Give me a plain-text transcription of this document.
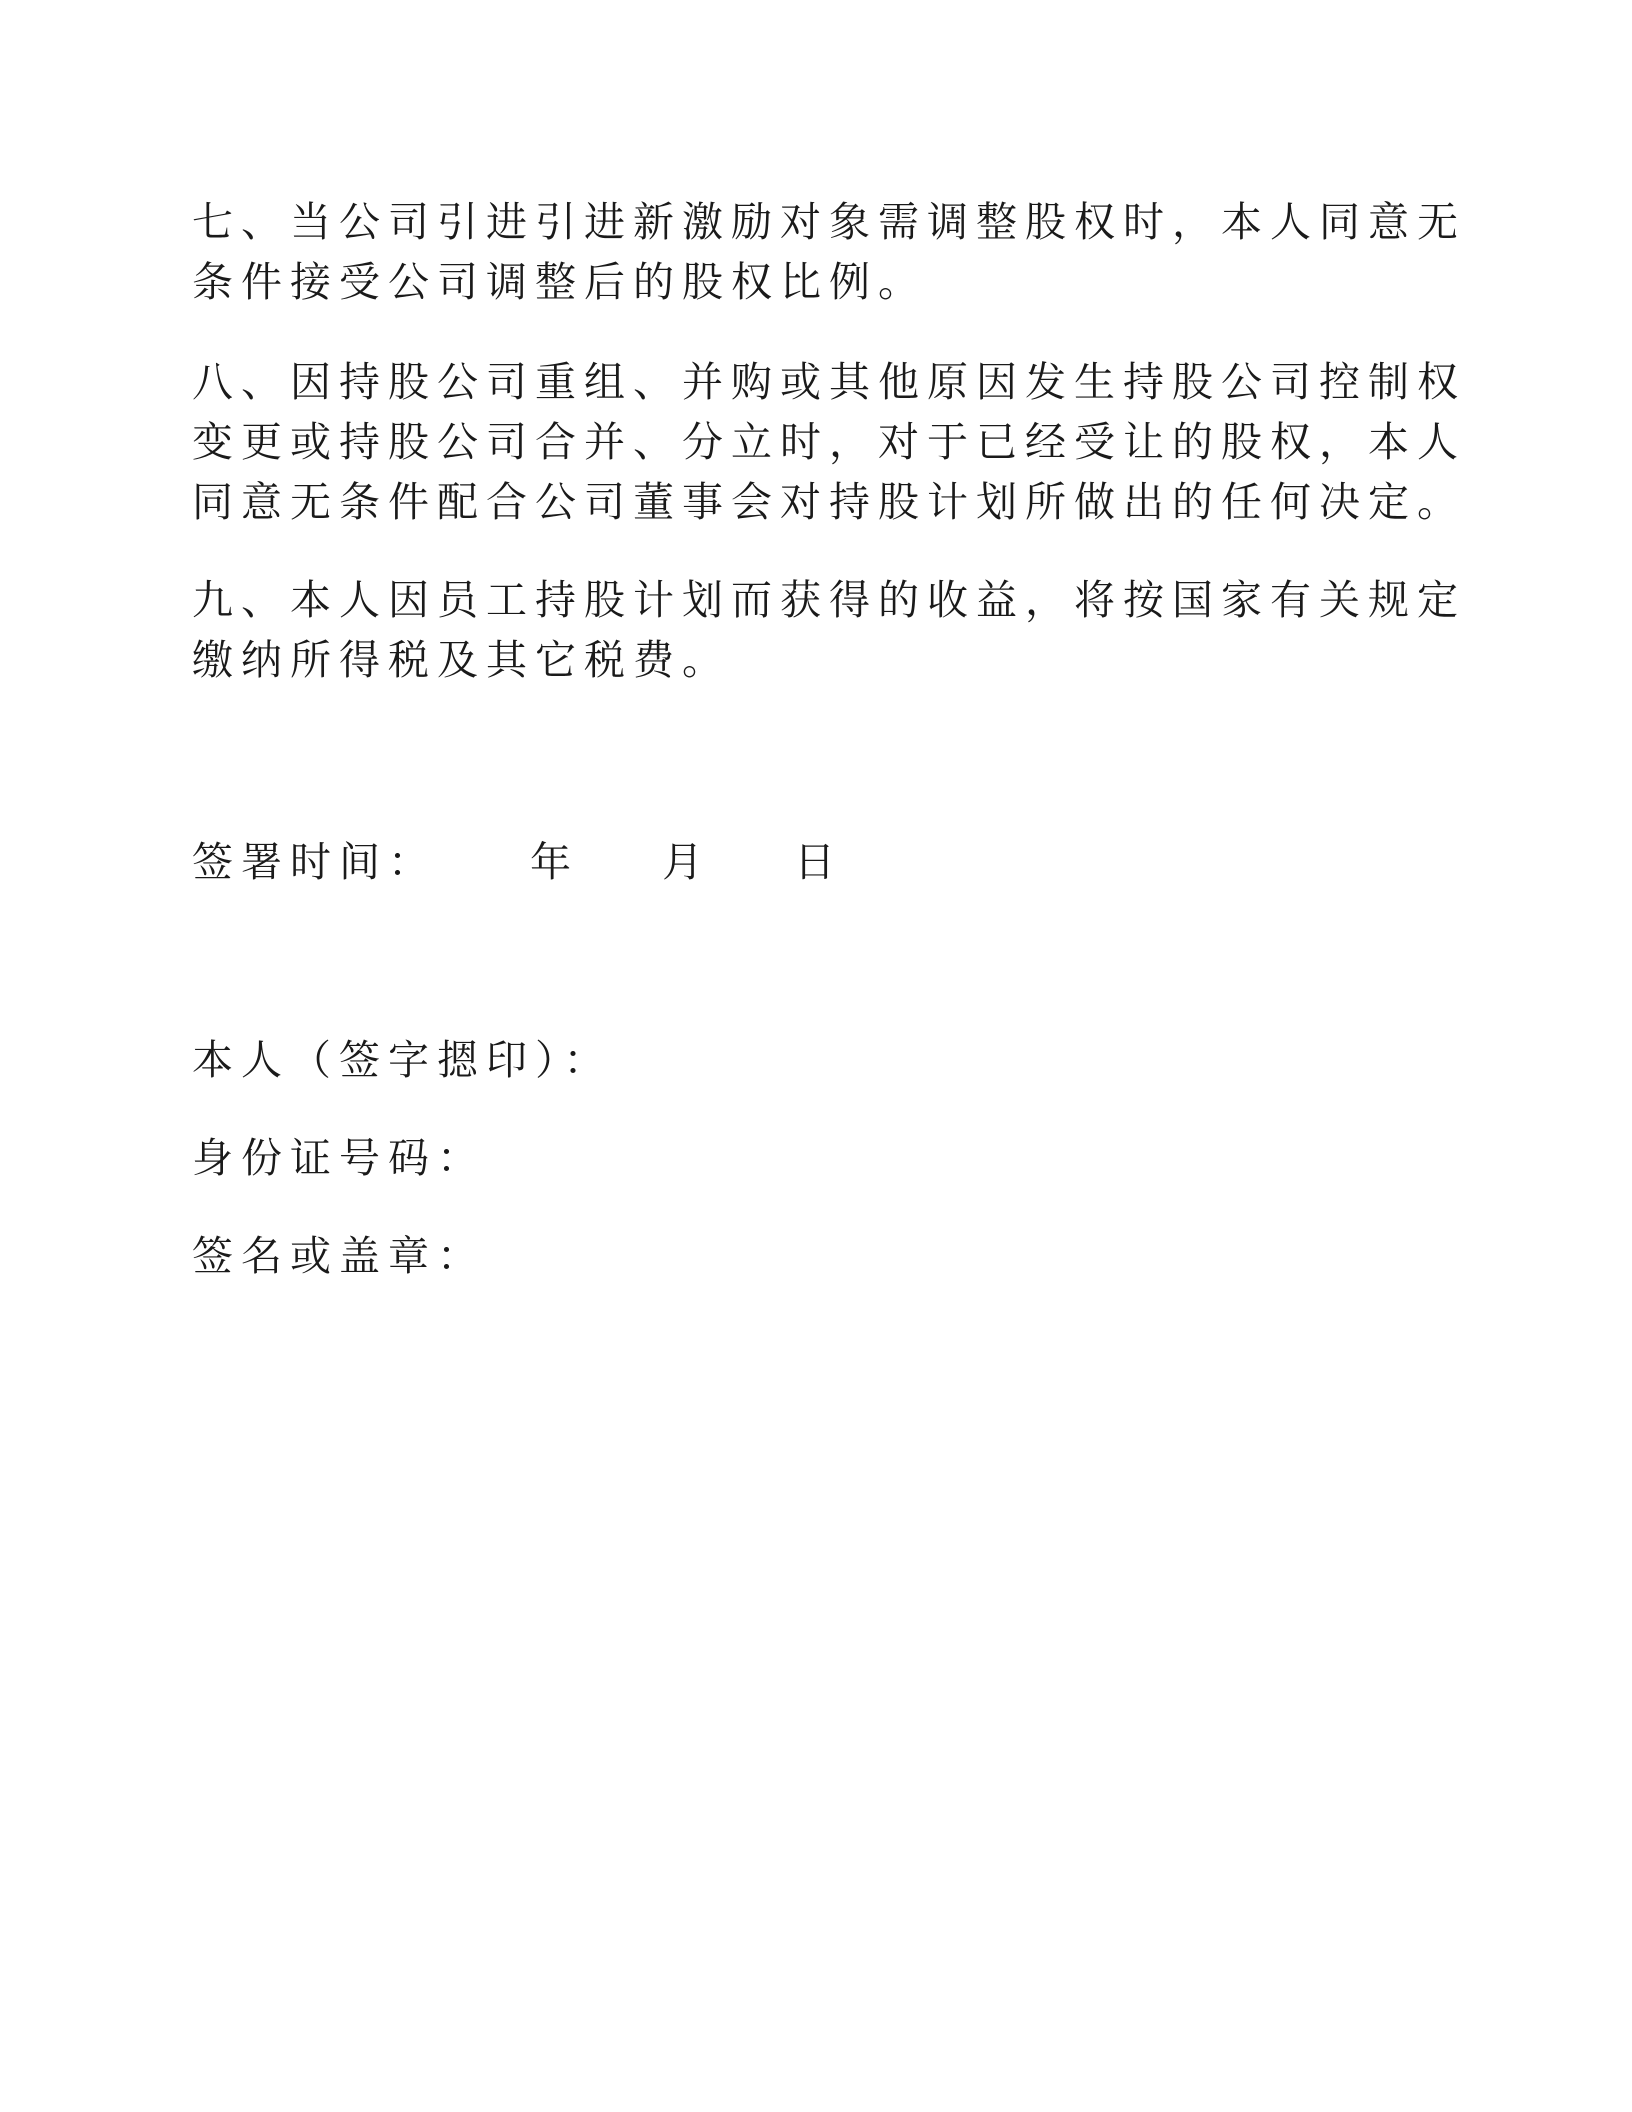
七、当公司引进引进新激励对象需调整股权时，本人同意无
条件接受公司调整后的股权比例。
八、因持股公司重组、并购或其他原因发生持股公司控制权
变更或持股公司合并、分立时，对于已经受让的股权，本人
同意无条件配合公司董事会对持股计划所做出的任何决定。
九、本人因员工持股计划而获得的收益，将按国家有关规定
缴纳所得税及其它税费。
签署时间： 年 月 日
本人（签字摁印）：
身份证号码：
签名或盖章：
